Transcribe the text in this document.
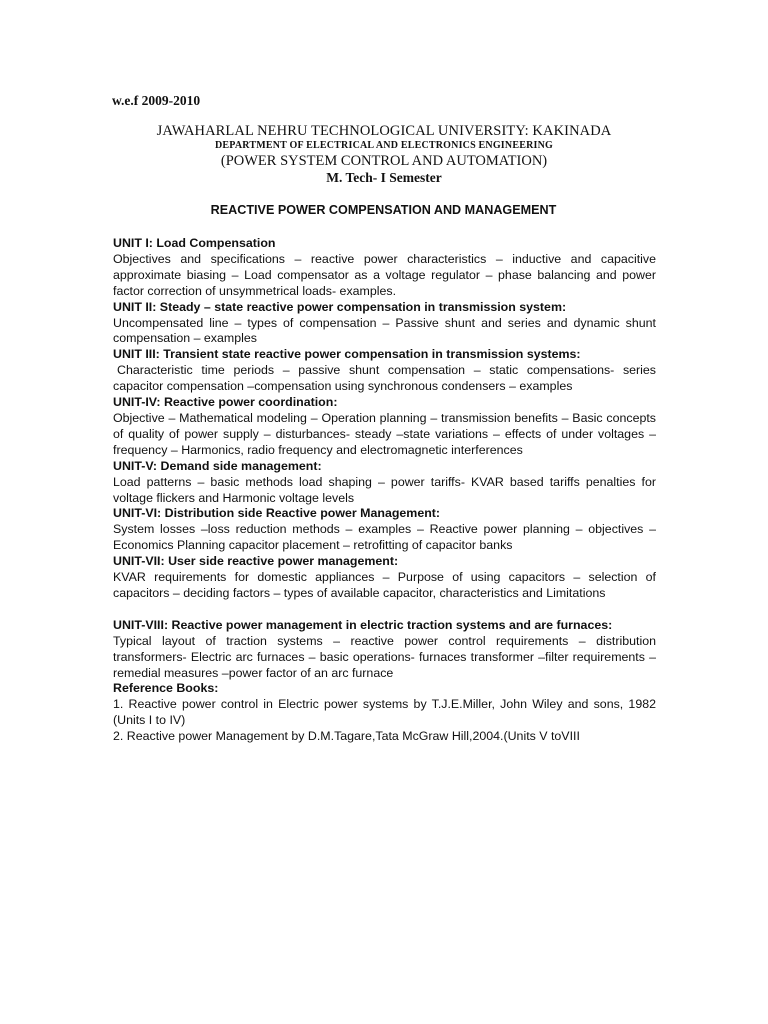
w.e.f 2009-2010
JAWAHARLAL NEHRU TECHNOLOGICAL UNIVERSITY: KAKINADA
DEPARTMENT OF ELECTRICAL AND ELECTRONICS ENGINEERING
(POWER SYSTEM CONTROL AND AUTOMATION)
M. Tech- I Semester
REACTIVE POWER COMPENSATION AND MANAGEMENT

UNIT I: Load Compensation

Objectives and specifications – reactive power characteristics – inductive and capacitive approximate biasing – Load compensator as a voltage regulator – phase balancing and power factor correction of unsymmetrical loads- examples.

UNIT II: Steady – state reactive power compensation in transmission system:

Uncompensated line – types of compensation – Passive shunt and series and dynamic shunt compensation – examples

UNIT III: Transient state reactive power compensation in transmission systems:

Characteristic time periods – passive shunt compensation – static compensations- series capacitor compensation –compensation using synchronous condensers – examples

UNIT-IV: Reactive power coordination:

Objective – Mathematical modeling – Operation planning – transmission benefits – Basic concepts of quality of power supply – disturbances- steady –state variations – effects of under voltages – frequency – Harmonics, radio frequency and electromagnetic interferences

UNIT-V: Demand side management:

Load patterns – basic methods load shaping – power tariffs- KVAR based tariffs penalties for voltage flickers and Harmonic voltage levels

UNIT-VI: Distribution side Reactive power Management:

System losses –loss reduction methods – examples – Reactive power planning – objectives – Economics Planning capacitor placement – retrofitting of capacitor banks

UNIT-VII: User side reactive power management:

KVAR requirements for domestic appliances – Purpose of using capacitors – selection of capacitors – deciding factors – types of available capacitor, characteristics and Limitations

UNIT-VIII: Reactive power management in electric traction systems and are furnaces:

Typical layout of traction systems – reactive power control requirements – distribution transformers- Electric arc furnaces – basic operations- furnaces transformer –filter requirements – remedial measures –power factor of an arc furnace

Reference Books:

1. Reactive power control in Electric power systems by T.J.E.Miller, John Wiley and sons, 1982 (Units I to IV)

2. Reactive power Management by D.M.Tagare,Tata McGraw Hill,2004.(Units V toVIII
